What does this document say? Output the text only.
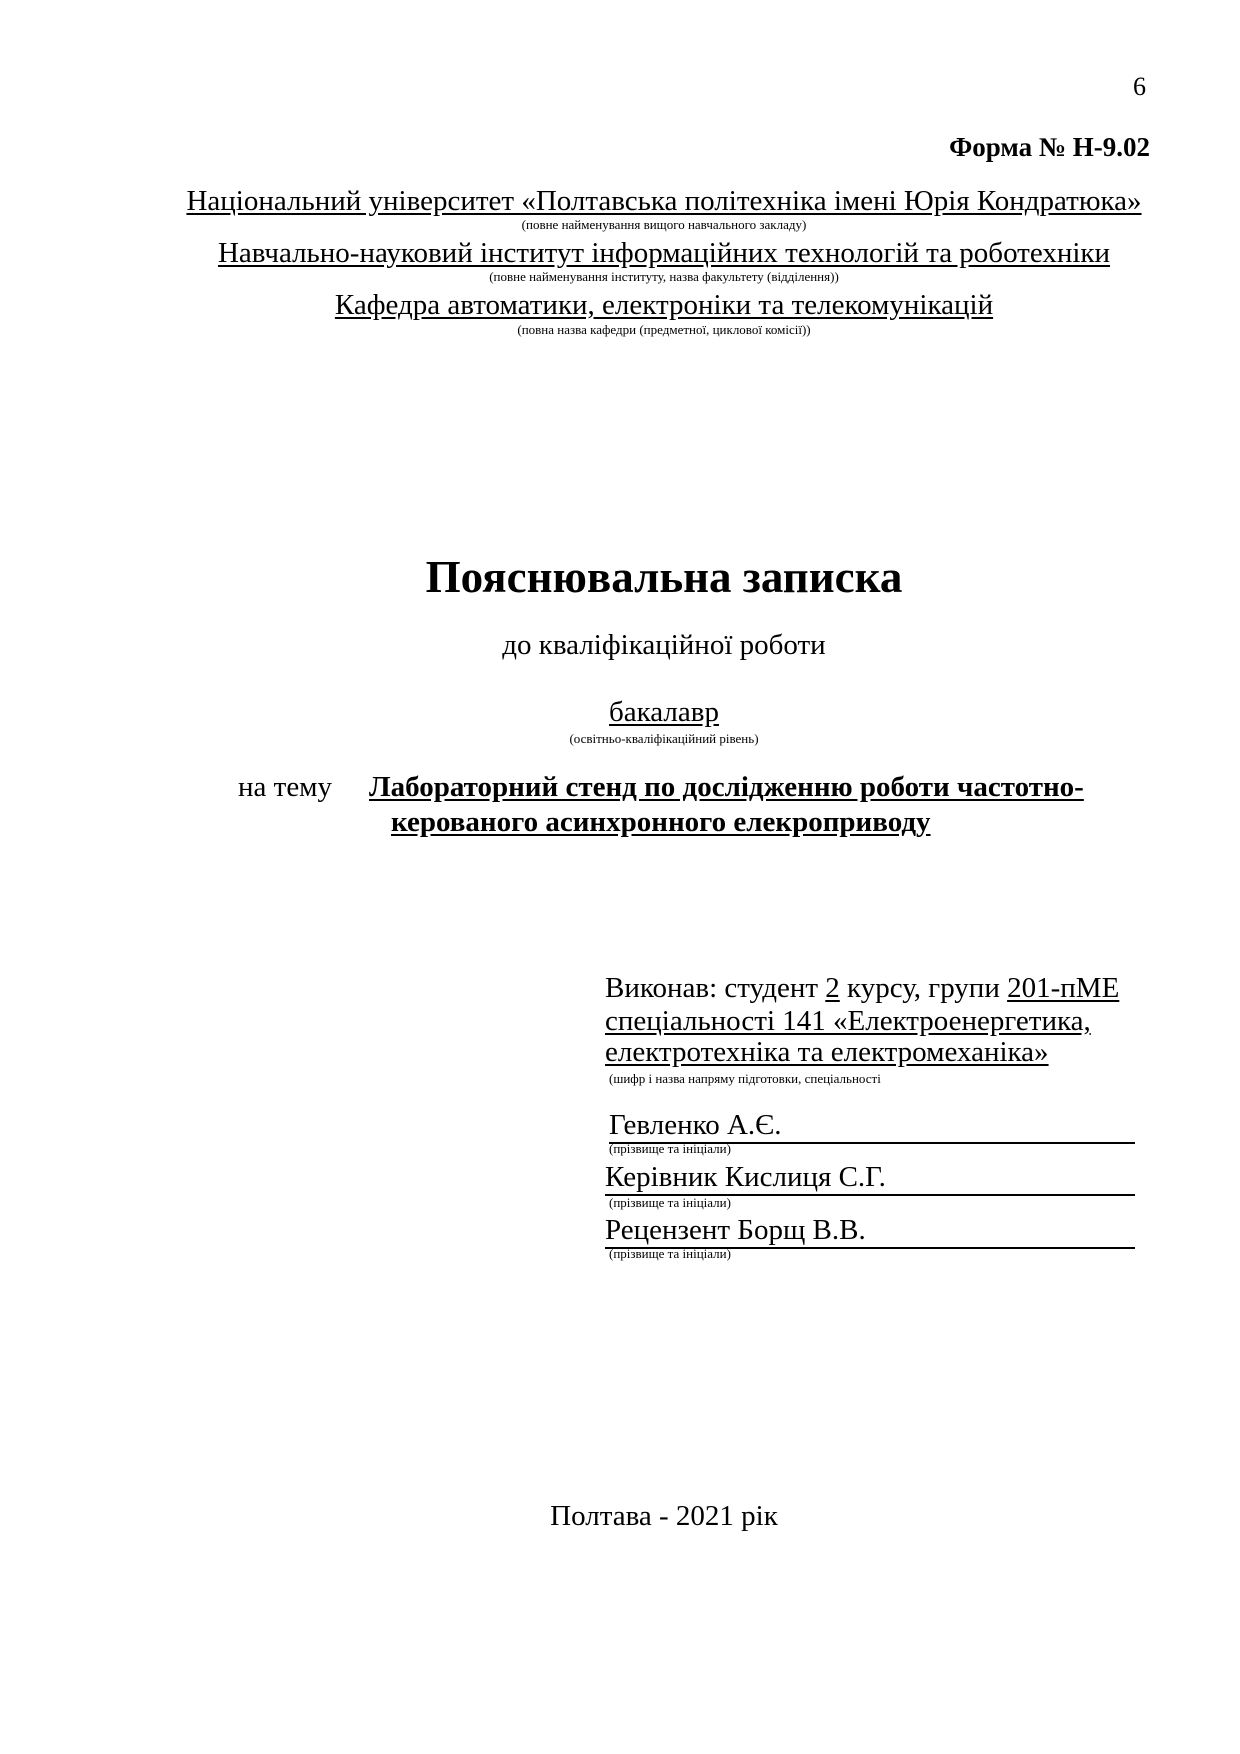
6
Форма № Н-9.02
Національний університет «Полтавська політехніка імені Юрія Кондратюка»
(повне найменування вищого навчального закладу)
Навчально-науковий інститут інформаційних технологій та роботехніки
(повне найменування інституту, назва факультету (відділення))
Кафедра автоматики, електроніки та телекомунікацій
(повна назва кафедри (предметної, циклової комісії))
Пояснювальна записка
до кваліфікаційної роботи
бакалавр
(освітньо-кваліфікаційний рівень)
на тему Лабораторний стенд по дослідженню роботи частотно-
керованого асинхронного елекроприводу
Виконав: студент 2 курсу, групи 201-пМЕ
спеціальності 141 «Електроенергетика,
електротехніка та електромеханіка»
(шифр і назва напряму підготовки, спеціальності
Гевленко А.Є.
(прізвище та ініціали)
Керівник Кислиця С.Г.
(прізвище та ініціали)
Рецензент Борщ В.В.
(прізвище та ініціали)
Полтава - 2021 рік
